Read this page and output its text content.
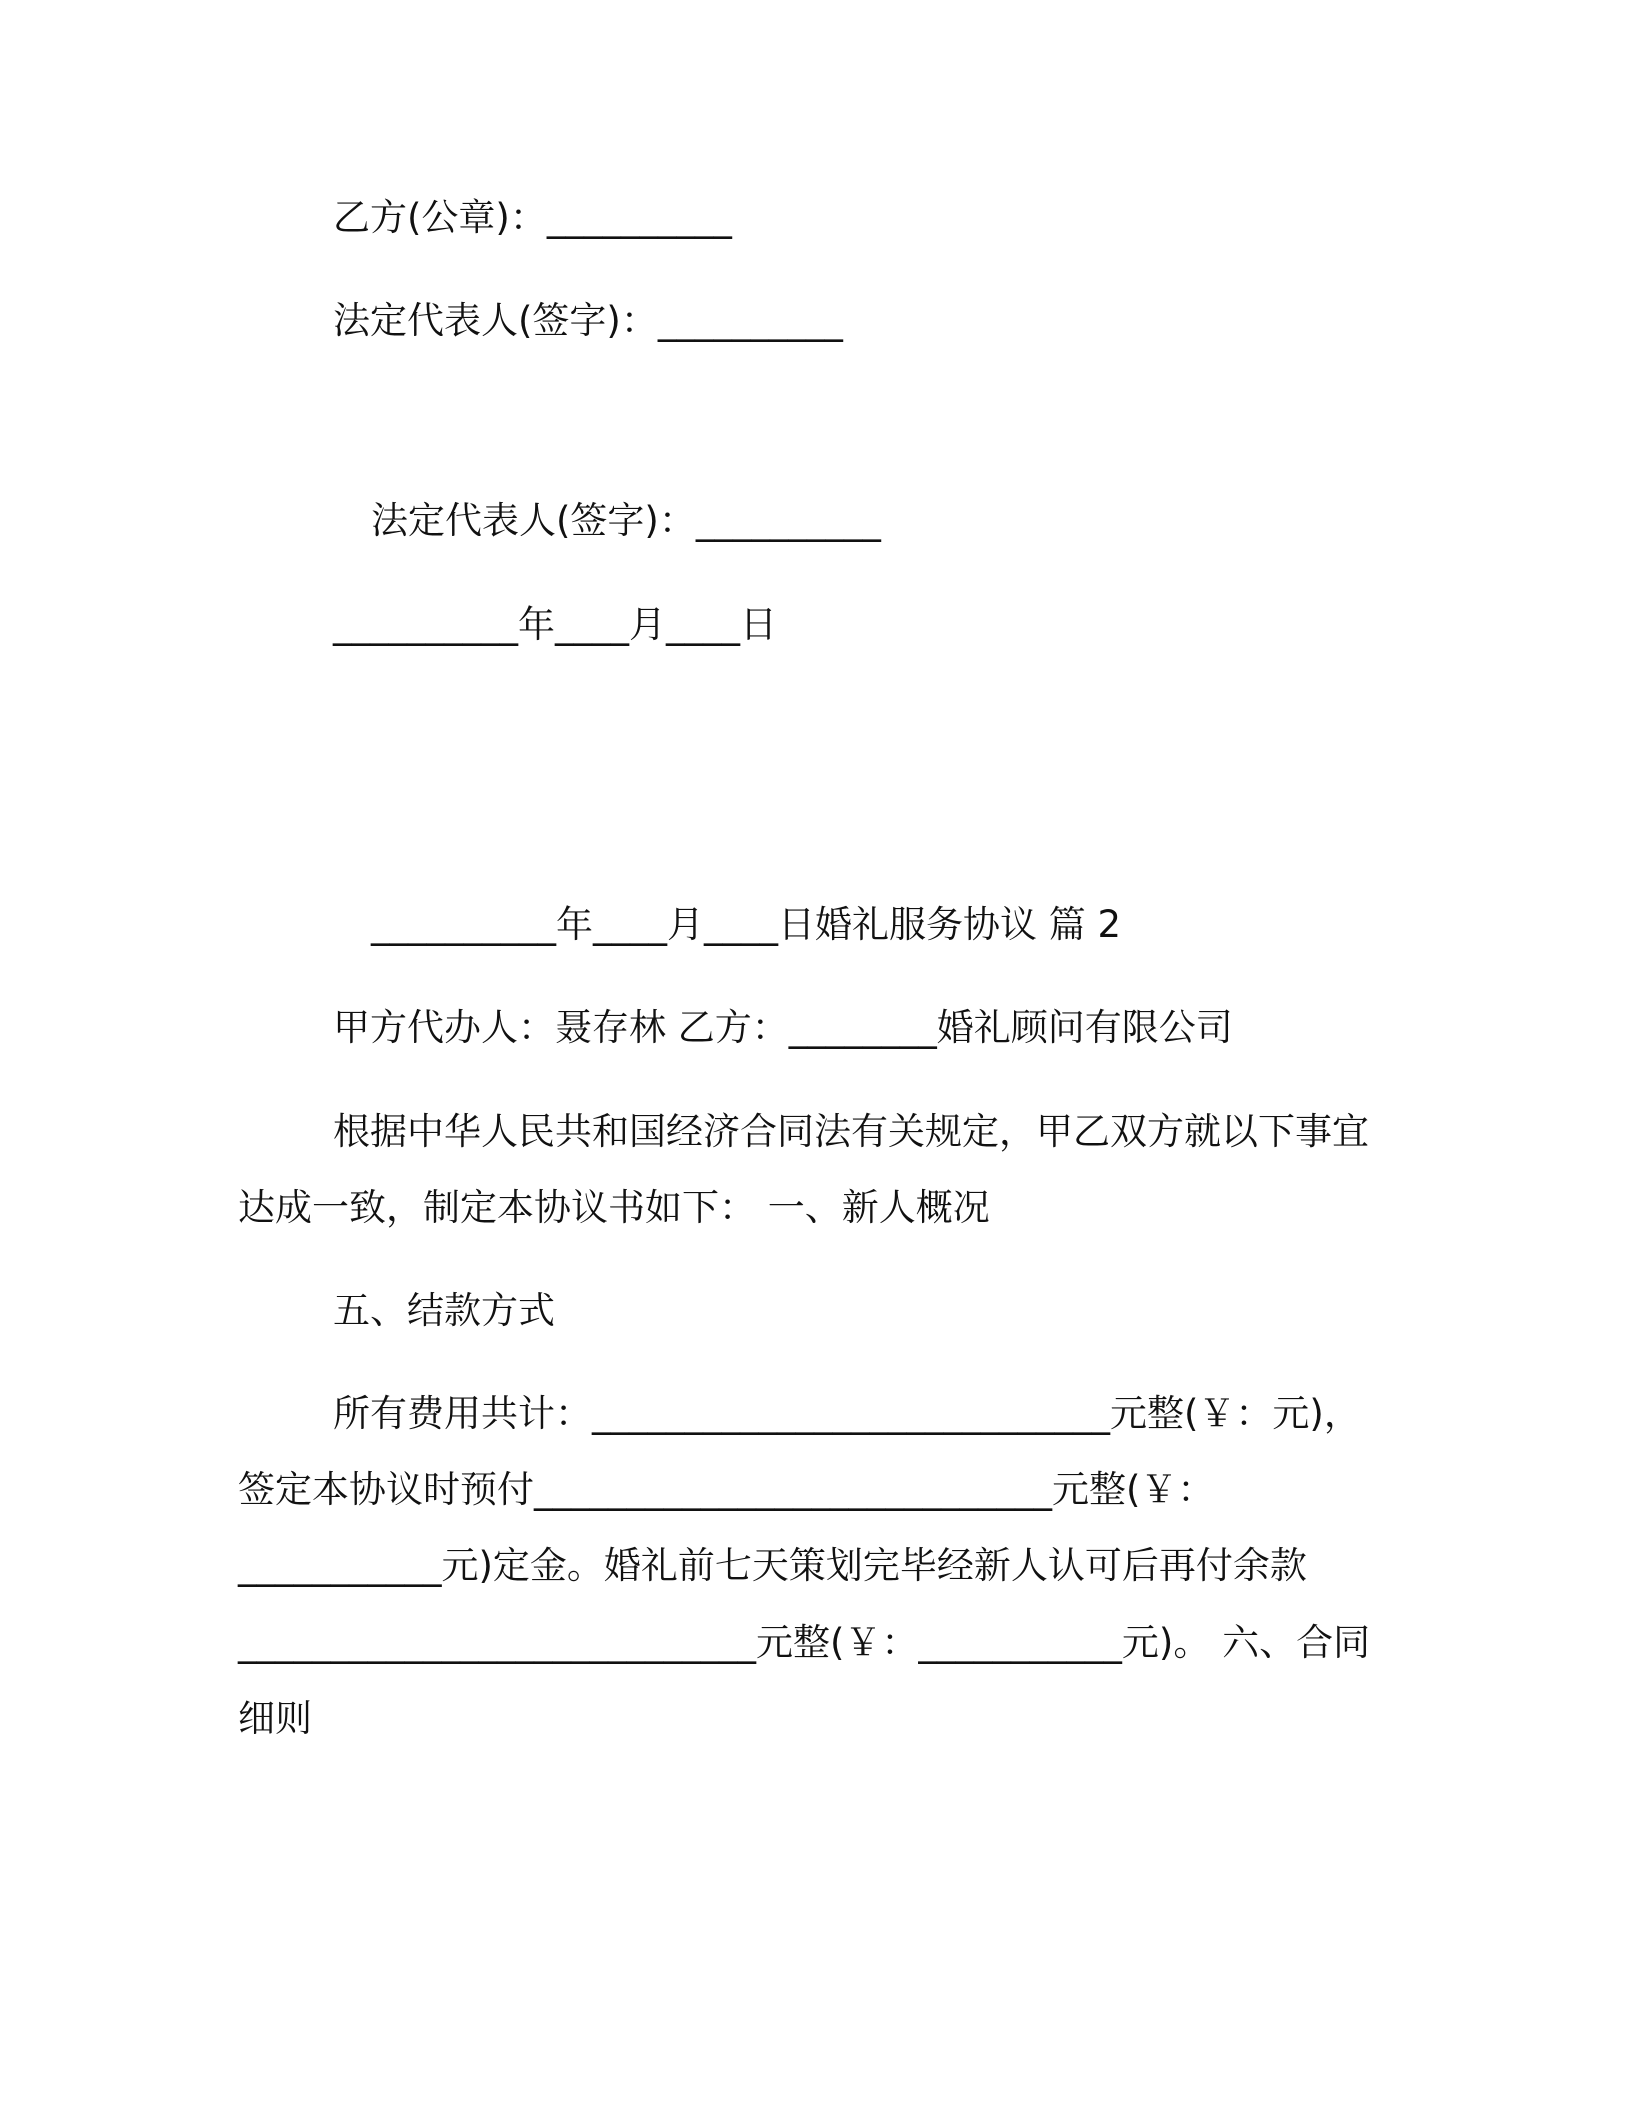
乙方(公章)：__________
法定代表人(签字)：__________
法定代表人(签字)：__________
__________年____月____日
__________年____月____日婚礼服务协议 篇 2
甲方代办人：聂存林 乙方：________婚礼顾问有限公司
根据中华人民共和国经济合同法有关规定，甲乙双方就以下事宜
达成一致，制定本协议书如下： 一、新人概况
五、结款方式
所有费用共计：____________________________元整(￥：元)，
签定本协议时预付____________________________元整(￥：
___________元)定金。婚礼前七天策划完毕经新人认可后再付余款
____________________________元整(￥：___________元)。 六、合同
细则
